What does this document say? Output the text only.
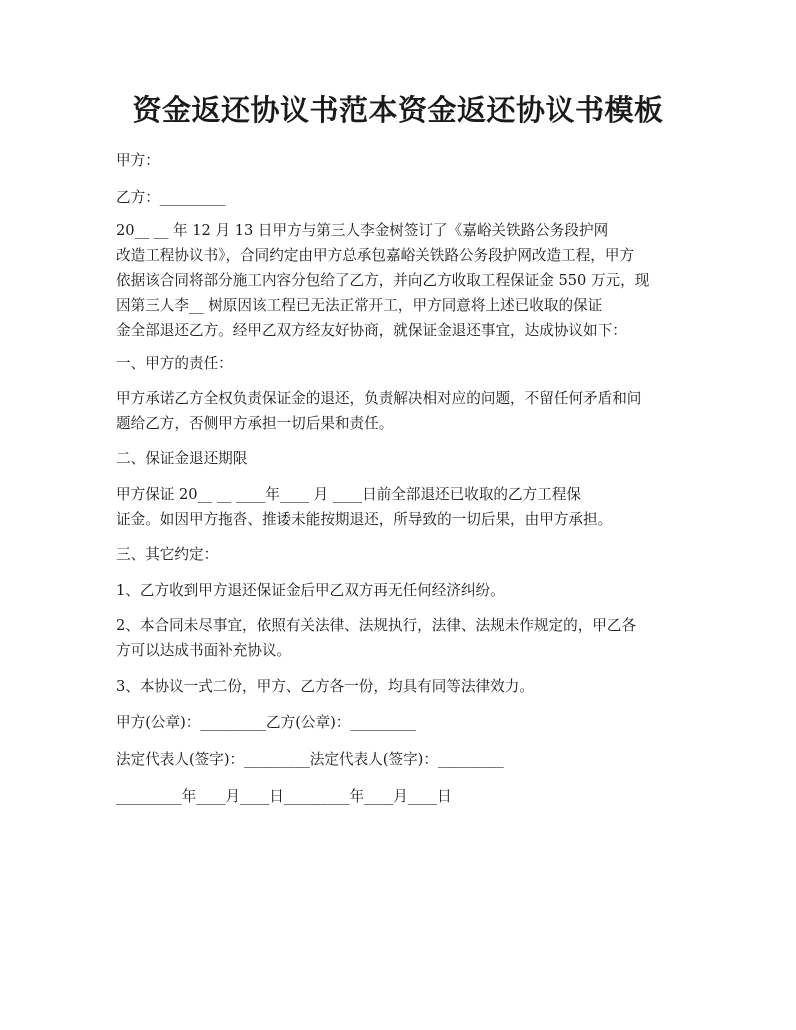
资金返还协议书范本资金返还协议书模板
甲方：
乙方：_________
20__ __ 年 12 月 13 日甲方与第三人李金树签订了《嘉峪关铁路公务段护网
改造工程协议书》，合同约定由甲方总承包嘉峪关铁路公务段护网改造工程，甲方
依据该合同将部分施工内容分包给了乙方，并向乙方收取工程保证金 550 万元，现
因第三人李__ 树原因该工程已无法正常开工，甲方同意将上述已收取的保证
金全部退还乙方。经甲乙双方经友好协商，就保证金退还事宜，达成协议如下：
一、甲方的责任：
甲方承诺乙方全权负责保证金的退还，负责解决相对应的问题，不留任何矛盾和问
题给乙方，否侧甲方承担一切后果和责任。
二、保证金退还期限
甲方保证 20__ __ ____年____ 月 ____日前全部退还已收取的乙方工程保
证金。如因甲方拖沓、推诿未能按期退还，所导致的一切后果，由甲方承担。
三、其它约定：
1、乙方收到甲方退还保证金后甲乙双方再无任何经济纠纷。
2、本合同未尽事宜，依照有关法律、法规执行，法律、法规未作规定的，甲乙各
方可以达成书面补充协议。
3、本协议一式二份，甲方、乙方各一份，均具有同等法律效力。
甲方(公章)：_________乙方(公章)：_________
法定代表人(签字)：_________法定代表人(签字)：_________
_________年____月____日_________年____月____日
